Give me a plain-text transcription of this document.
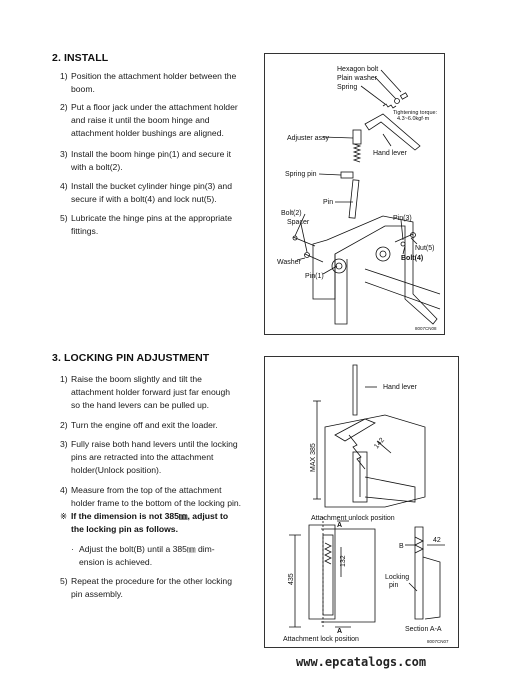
2. INSTALL
1) Position the attachment holder between the
boom.
2) Put a floor jack under the attachment holder
and raise it until the boom hinge and
attachment holder bushings are aligned.
3) Install the boom hinge pin(1) and secure it
with a bolt(2).
4) Install the bucket cylinder hinge pin(3) and
secure if with a bolt(4) and lock nut(5).
5) Lubricate the hinge pins at the appropriate
fittings.
Hexagon bolt
Plain washer
Spring
Tightening torque:
4.3~6.0kgf·m
Adjuster assy
Hand lever
Spring pin
Pin
Bolt(2)
Spacer
Washer
Pin(1)
Pin(3)
Nut(5)
Bolt(4)
8007CN08
3. LOCKING PIN ADJUSTMENT
1) Raise the boom slightly and tilt the
attachment holder forward just far enough
so the hand levers can be pulled up.
2) Turn the engine off and exit the loader.
3) Fully raise both hand levers until the locking
pins are retracted into the attachment
holder(Unlock position).
4) Measure from the top of the attachment
holder frame to the bottom of the locking pin.
※ If the dimension is not 385㎜, adjust to
the locking pin as follows.
· Adjust the bolt(B) until a 385㎜ dim-
ension is achieved.
5) Repeat the procedure for the other locking
pin assembly.
Hand lever
MAX 385	142
Attachment unlock position
A
A
435
132
B
42
Locking
pin
Attachment lock position
Section A-A
8007CN07
www.epcatalogs.com
